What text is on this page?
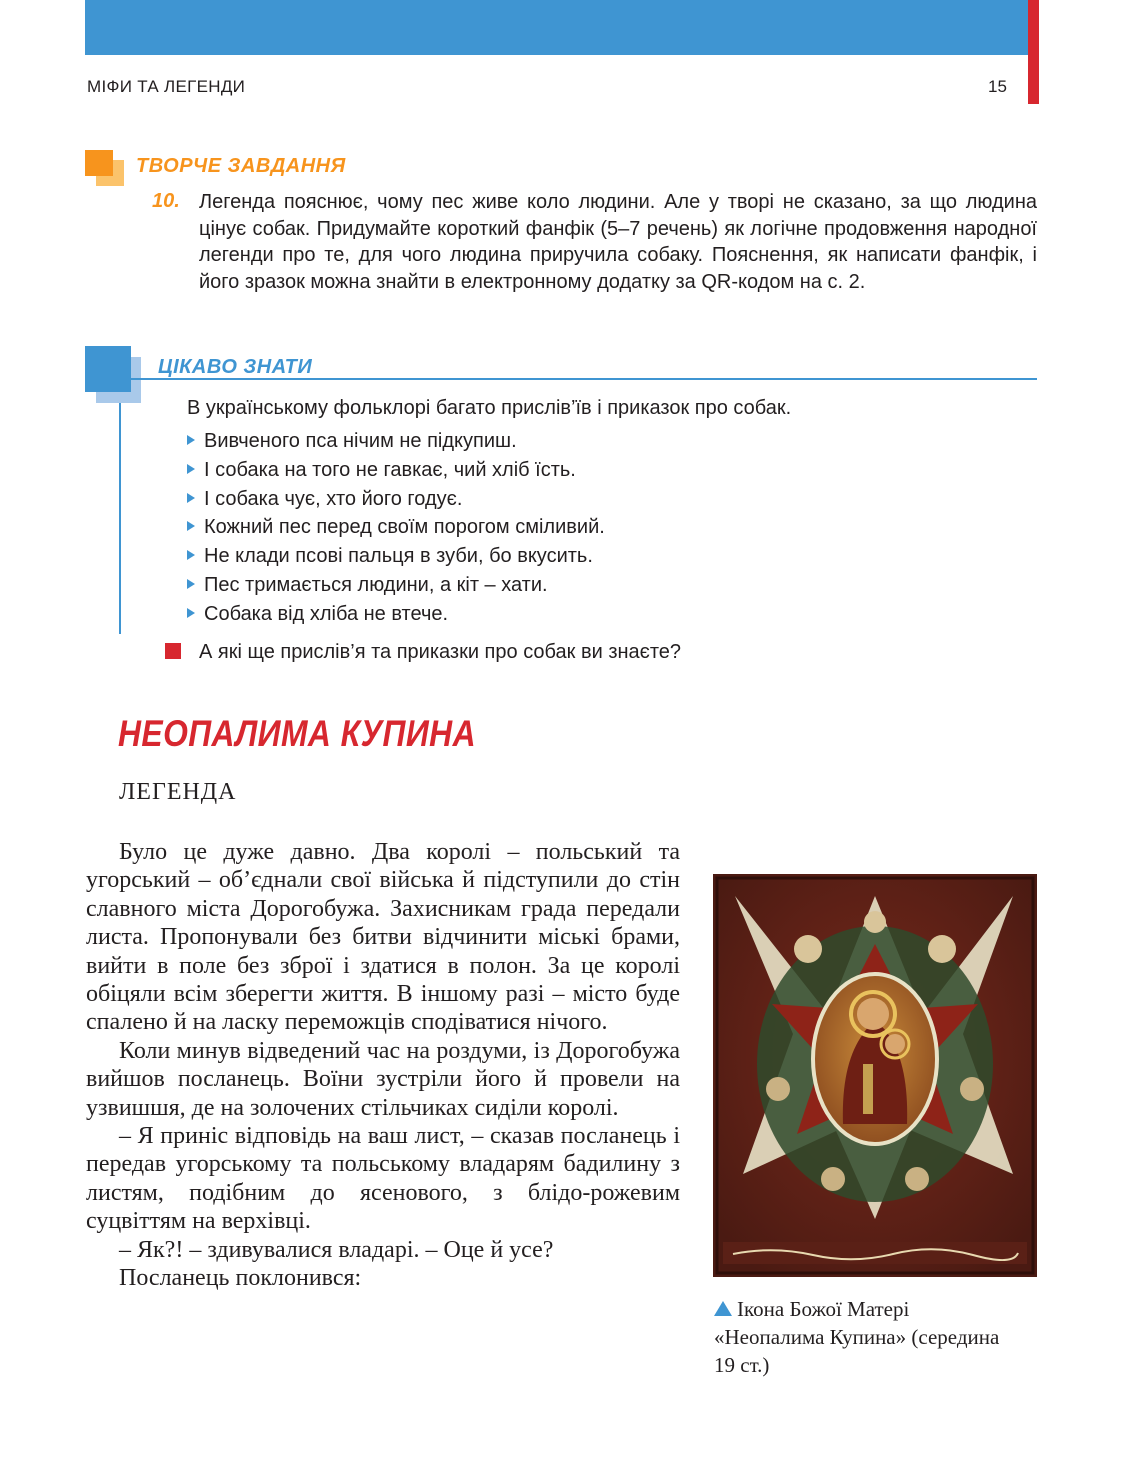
МІФИ ТА ЛЕГЕНДИ	15
ТВОРЧЕ ЗАВДАННЯ
10. Легенда пояснює, чому пес живе коло людини. Але у творі не сказано, за що людина цінує собак. Придумайте короткий фанфік (5–7 речень) як логічне продовження народної легенди про те, для чого людина приручила собаку. Пояснення, як написати фанфік, і його зразок можна знайти в електронному додатку за QR-кодом на с. 2.
ЦІКАВО ЗНАТИ
В українському фольклорі багато прислів’їв і приказок про собак.
Вивченого пса нічим не підкупиш.
І собака на того не гавкає, чий хліб їсть.
І собака чує, хто його годує.
Кожний пес перед своїм порогом сміливий.
Не клади псові пальця в зуби, бо вкусить.
Пес тримається людини, а кіт – хати.
Собака від хліба не втече.
А які ще прислів’я та приказки про собак ви знаєте?
НЕОПАЛИМА КУПИНА
ЛЕГЕНДА

Було це дуже давно. Два королі – польський та угорський – об’єднали свої війська й підступили до стін славного міста Дорогобужа. Захисникам града передали листа. Пропонували без битви відчинити міські брами, вийти в поле без зброї і здатися в полон. За це королі обіцяли всім зберегти життя. В іншому разі – місто буде спалено й на ласку переможців сподіватися нічого.

Коли минув відведений час на роздуми, із Дорогобужа вийшов посланець. Воїни зустріли його й провели на узвишшя, де на золочених стільчиках сиділи королі.

– Я приніс відповідь на ваш лист, – сказав посланець і передав угорському та польському владарям бадилину з листям, подібним до ясенового, з блідо-рожевим суцвіттям на верхівці.

– Як?! – здивувалися владарі. – Оце й усе?

Посланець поклонився:

Ікона Божої Матері «Неопалима Купина» (середина 19 ст.)
